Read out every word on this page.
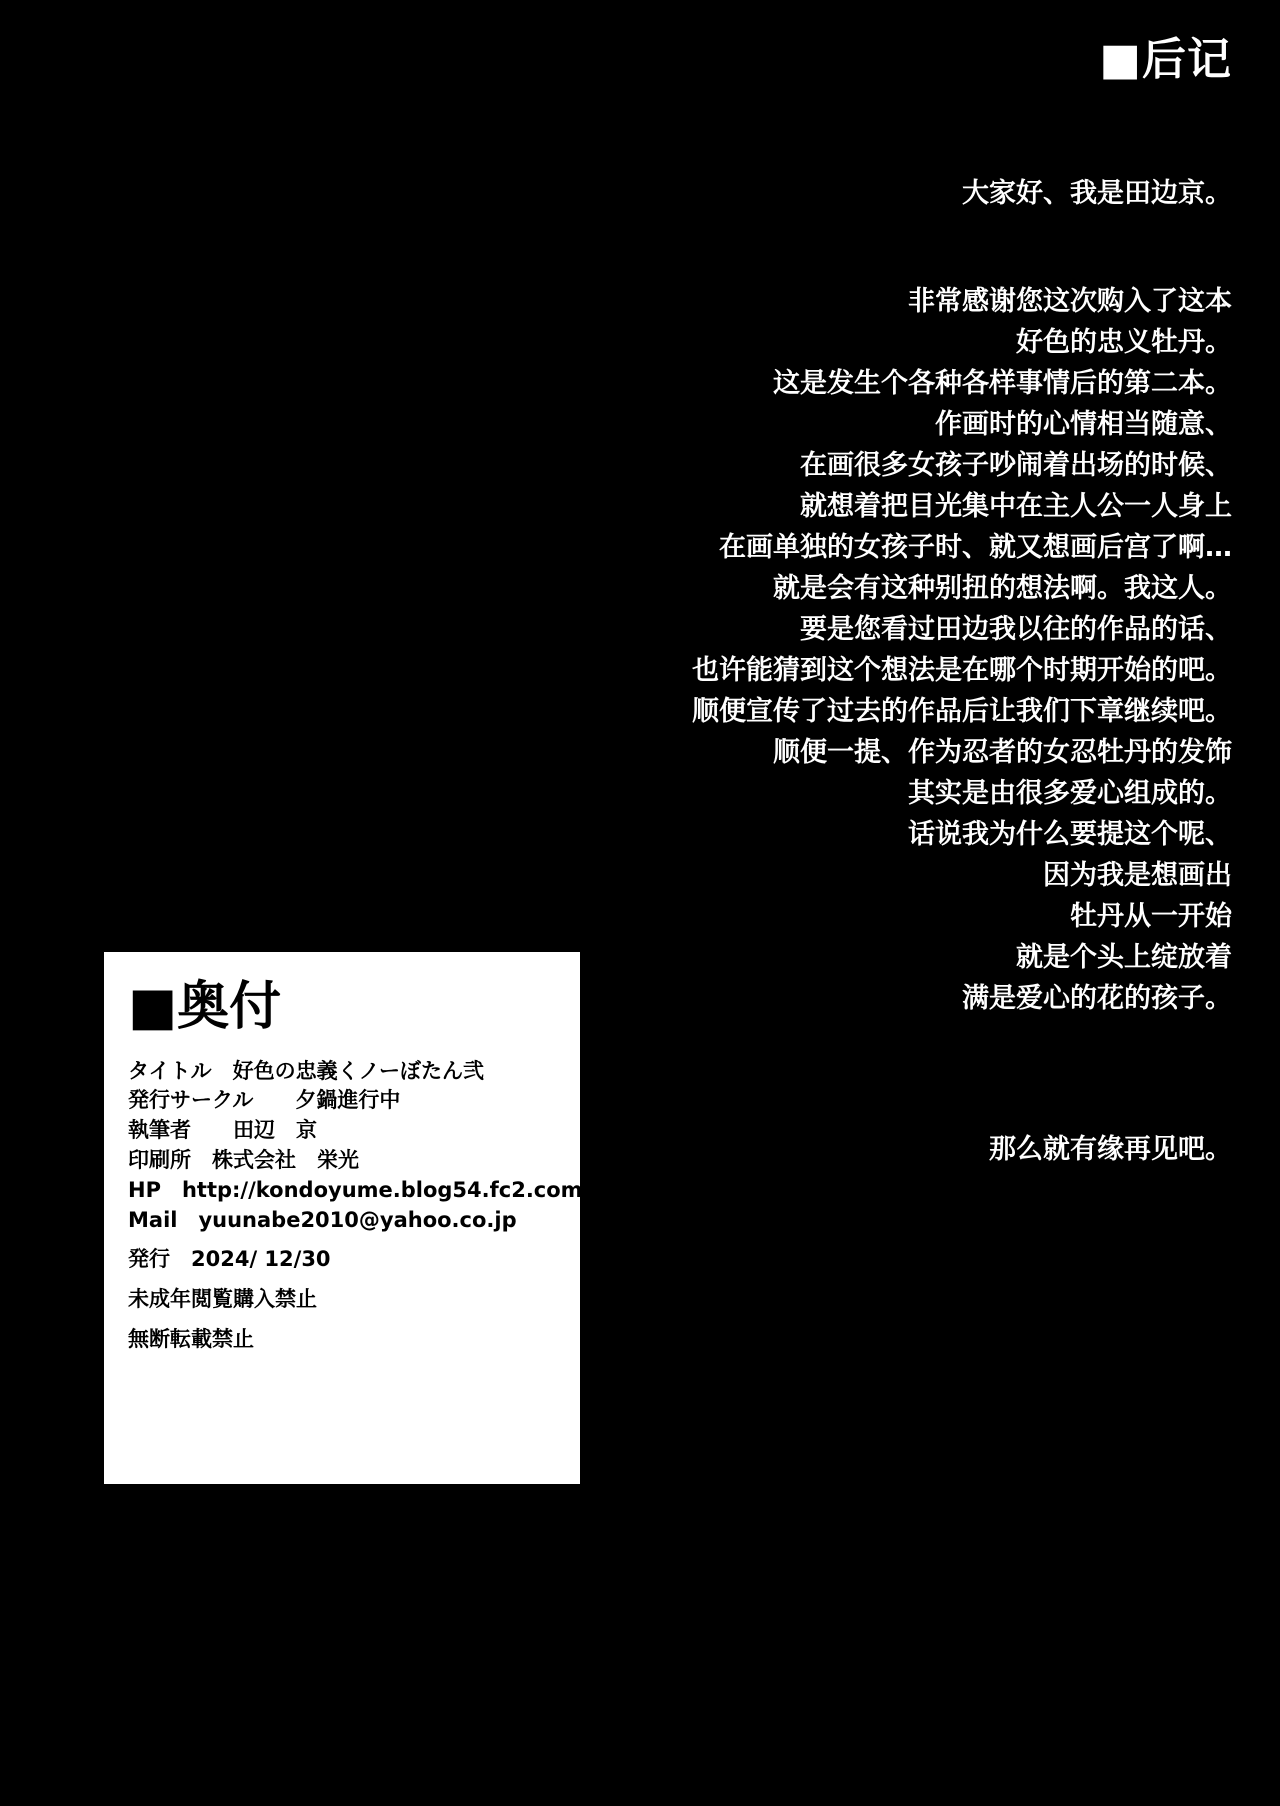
■后记

大家好、我是田边京。

非常感谢您这次购入了这本

好色的忠义牡丹。

这是发生个各种各样事情后的第二本。

作画时的心情相当随意、

在画很多女孩子吵闹着出场的时候、

就想着把目光集中在主人公一人身上

在画单独的女孩子时、就又想画后宫了啊…

就是会有这种别扭的想法啊。我这人。

要是您看过田边我以往的作品的话、

也许能猜到这个想法是在哪个时期开始的吧。

顺便宣传了过去的作品后让我们下章继续吧。

顺便一提、作为忍者的女忍牡丹的发饰

其实是由很多爱心组成的。

话说我为什么要提这个呢、

因为我是想画出

牡丹从一开始

就是个头上绽放着

满是爱心的花的孩子。

那么就有缘再见吧。

■奥付
タイトル　好色の忠義くノーぼたん弐
発行サークル　　夕鍋進行中
執筆者　　田辺　京
印刷所　株式会社　栄光
HP　http://kondoyume.blog54.fc2.com/
Mail　yuunabe2010@yahoo.co.jp
発行　2024/ 12/30
未成年閲覧購入禁止
無断転載禁止
